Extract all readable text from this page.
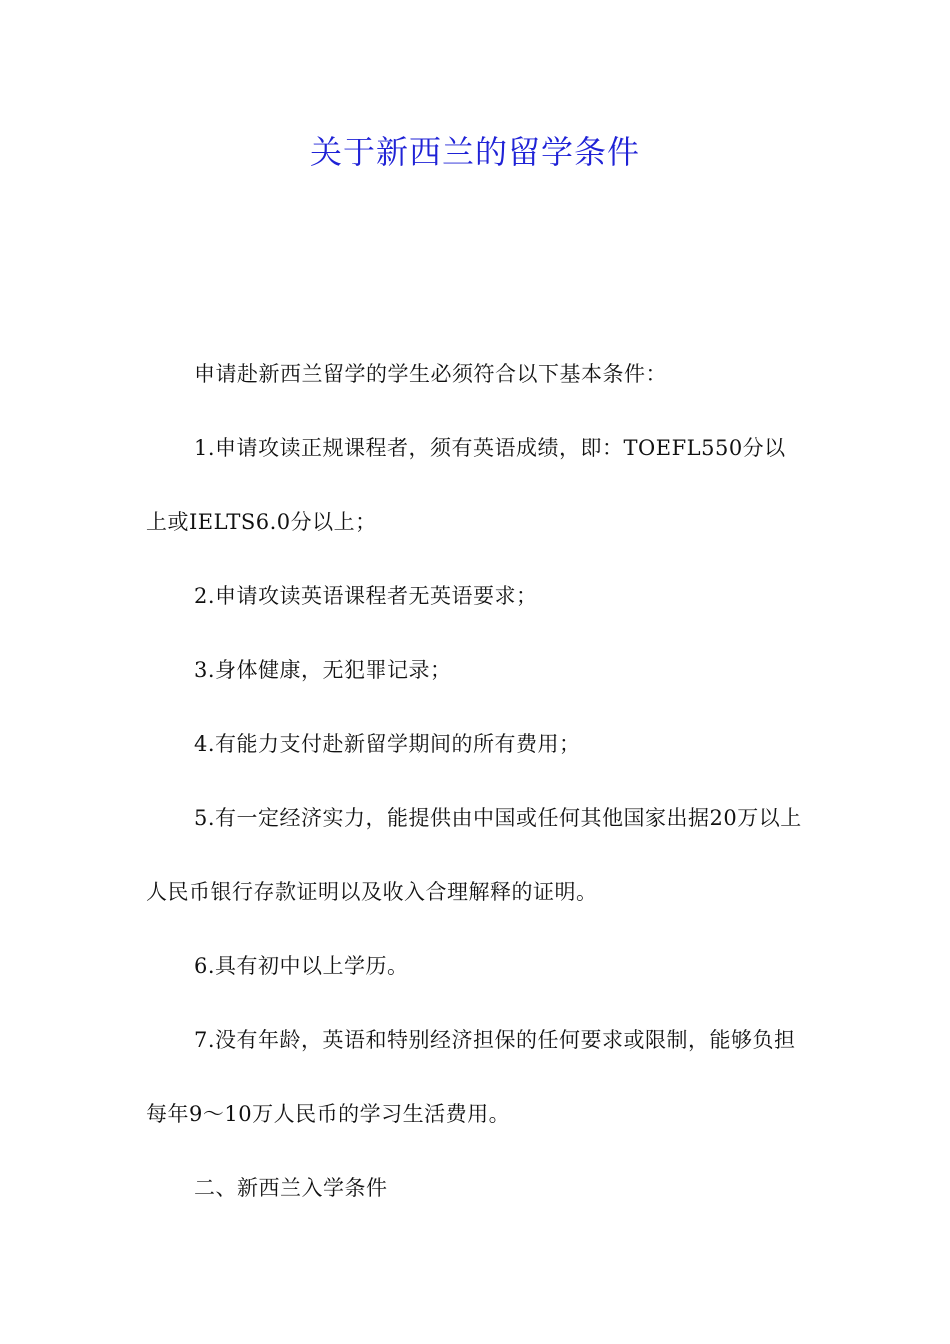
关于新西兰的留学条件

申请赴新西兰留学的学生必须符合以下基本条件：

1.申请攻读正规课程者，须有英语成绩，即：TOEFL550分以上或IELTS6.0分以上；

2.申请攻读英语课程者无英语要求；

3.身体健康，无犯罪记录；

4.有能力支付赴新留学期间的所有费用；

5.有一定经济实力，能提供由中国或任何其他国家出据20万以上人民币银行存款证明以及收入合理解释的证明。

6.具有初中以上学历。

7.没有年龄，英语和特别经济担保的任何要求或限制，能够负担每年9～10万人民币的学习生活费用。

二、新西兰入学条件
